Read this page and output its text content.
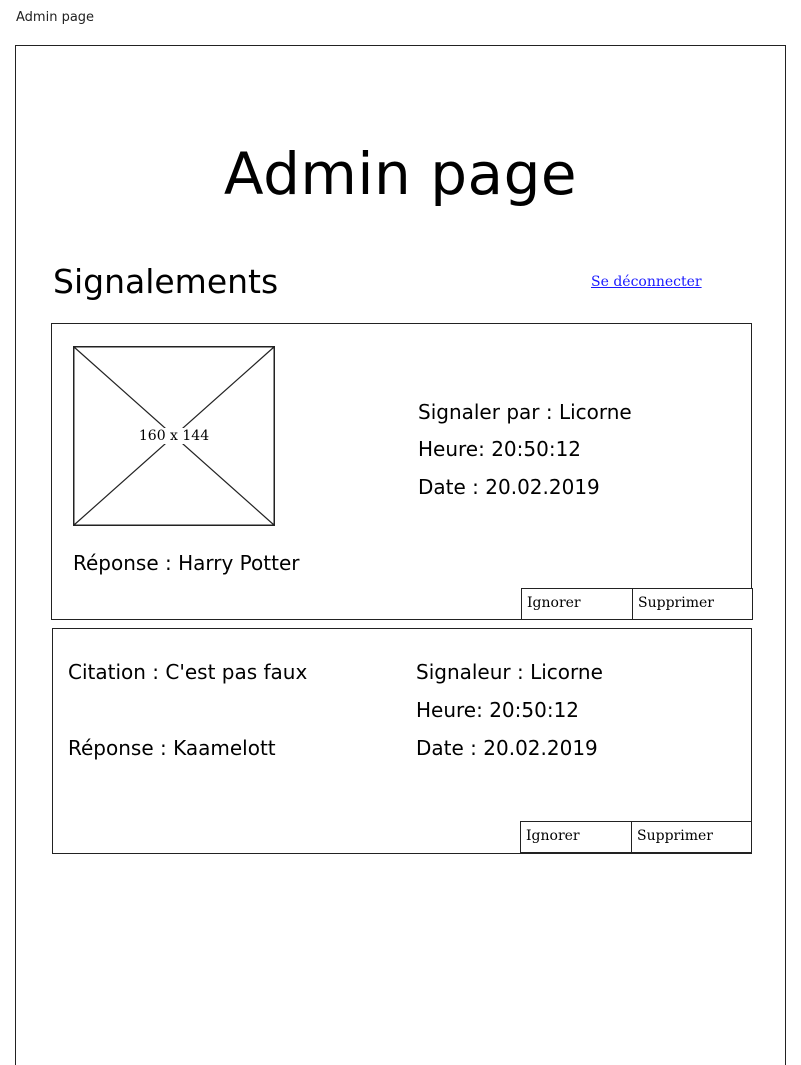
Admin page
Admin page
Signalements	Se déconnecter
160 x 144
Signaler par : Licorne
Heure: 20:50:12
Date : 20.02.2019
Réponse : Harry Potter
Ignorer	Supprimer
Citation : C'est pas faux
Réponse : Kaamelott
Signaleur : Licorne
Heure: 20:50:12
Date : 20.02.2019
Ignorer	Supprimer
